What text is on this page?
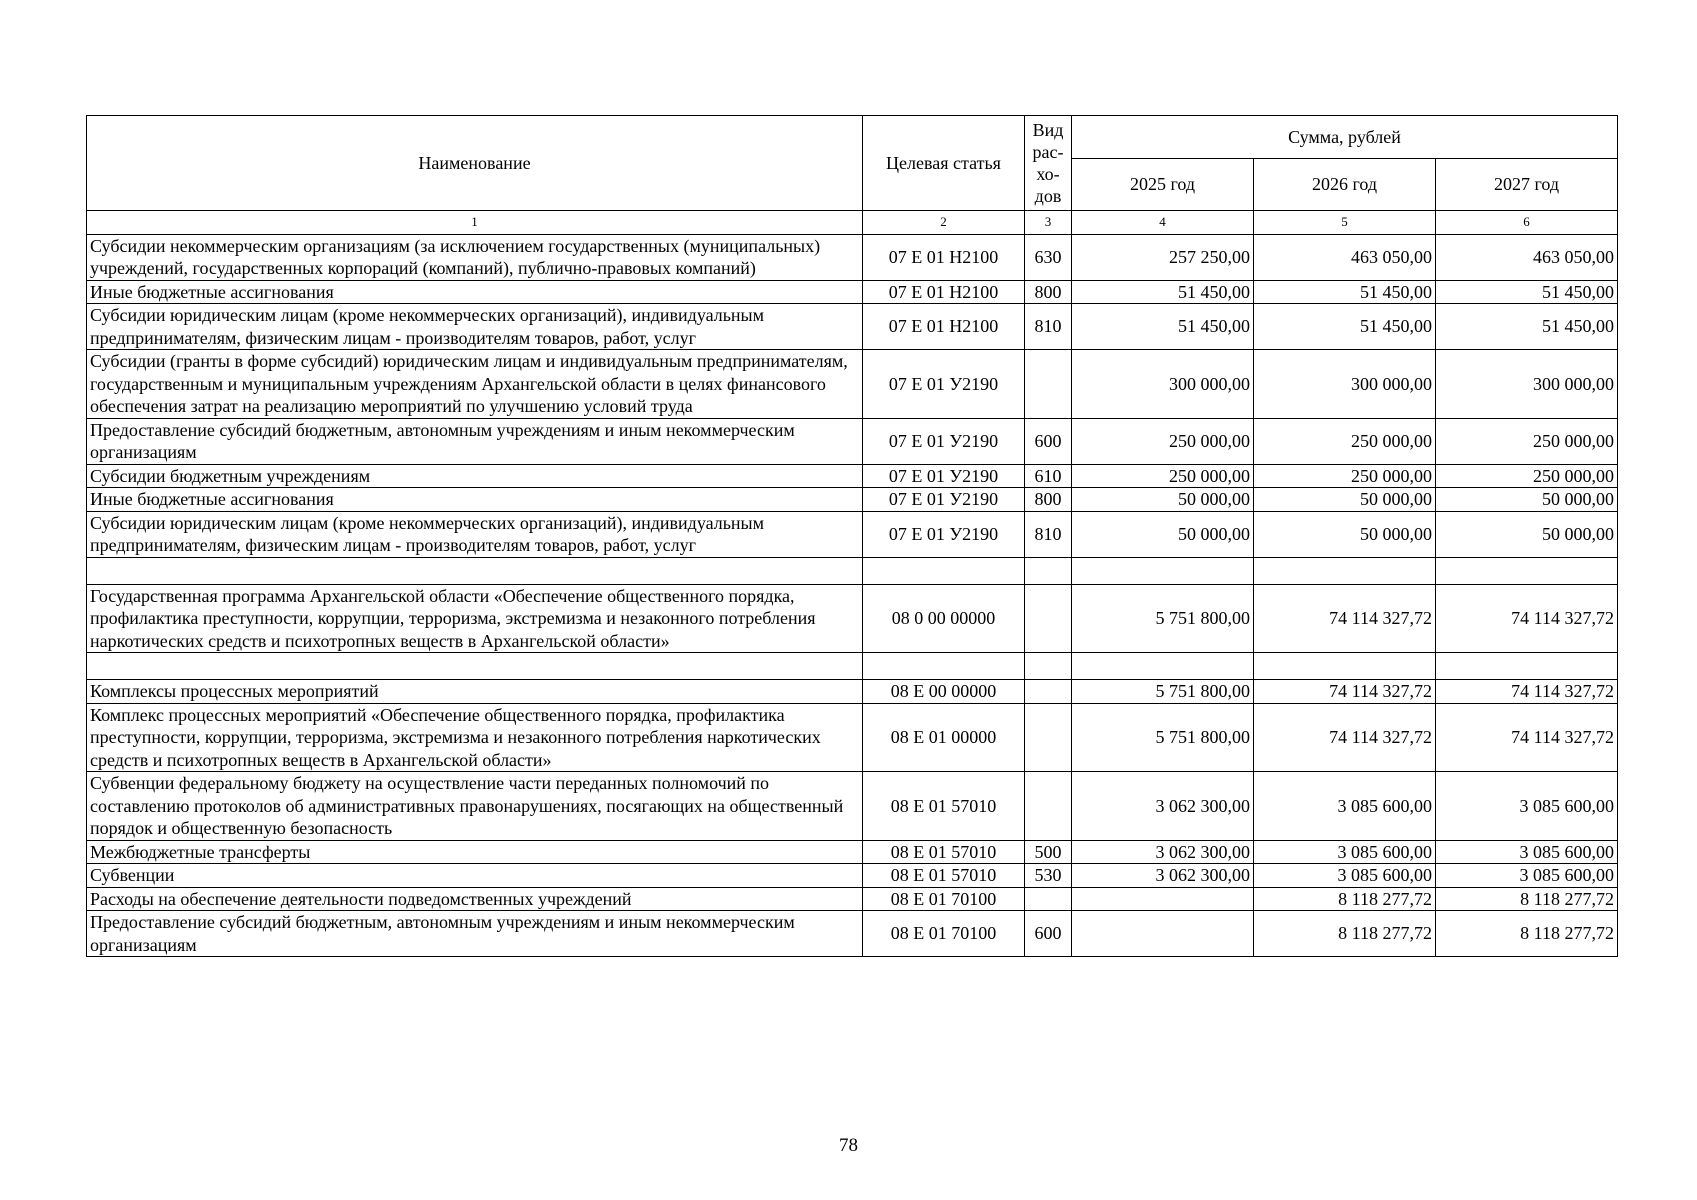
Наименование	Целевая статья	Вид
рас-
хо-
дов	Сумма, рублей		
			2025 год	2026 год	2027 год
1	2	3	4	5	6
Субсидии некоммерческим организациям (за исключением государственных (муниципальных) учреждений, государственных корпораций (компаний), публично-правовых компаний)	07 Е 01 Н2100	630	257 250,00	463 050,00	463 050,00
Иные бюджетные ассигнования	07 Е 01 Н2100	800	51 450,00	51 450,00	51 450,00
Субсидии юридическим лицам (кроме некоммерческих организаций), индивидуальным предпринимателям, физическим лицам - производителям товаров, работ, услуг	07 Е 01 Н2100	810	51 450,00	51 450,00	51 450,00
Субсидии (гранты в форме субсидий) юридическим лицам и индивидуальным предпринимателям, государственным и муниципальным учреждениям Архангельской области в целях финансового обеспечения затрат на реализацию мероприятий по улучшению условий труда	07 Е 01 У2190		300 000,00	300 000,00	300 000,00
Предоставление субсидий бюджетным, автономным учреждениям и иным некоммерческим организациям	07 Е 01 У2190	600	250 000,00	250 000,00	250 000,00
Субсидии бюджетным учреждениям	07 Е 01 У2190	610	250 000,00	250 000,00	250 000,00
Иные бюджетные ассигнования	07 Е 01 У2190	800	50 000,00	50 000,00	50 000,00
Субсидии юридическим лицам (кроме некоммерческих организаций), индивидуальным предпринимателям, физическим лицам - производителям товаров, работ, услуг	07 Е 01 У2190	810	50 000,00	50 000,00	50 000,00

Государственная программа Архангельской области «Обеспечение общественного порядка, профилактика преступности, коррупции, терроризма, экстремизма и незаконного потребления наркотических средств и психотропных веществ в Архангельской области»	08 0 00 00000		5 751 800,00	74 114 327,72	74 114 327,72

Комплексы процессных мероприятий	08 Е 00 00000		5 751 800,00	74 114 327,72	74 114 327,72
Комплекс процессных мероприятий «Обеспечение общественного порядка, профилактика преступности, коррупции, терроризма, экстремизма и незаконного потребления наркотических средств и психотропных веществ в Архангельской области»	08 Е 01 00000		5 751 800,00	74 114 327,72	74 114 327,72
Субвенции федеральному бюджету на осуществление части переданных полномочий по составлению протоколов об административных правонарушениях, посягающих на общественный порядок и общественную безопасность	08 Е 01 57010		3 062 300,00	3 085 600,00	3 085 600,00
Межбюджетные трансферты	08 Е 01 57010	500	3 062 300,00	3 085 600,00	3 085 600,00
Субвенции	08 Е 01 57010	530	3 062 300,00	3 085 600,00	3 085 600,00
Расходы на обеспечение деятельности подведомственных учреждений	08 Е 01 70100			8 118 277,72	8 118 277,72
Предоставление субсидий бюджетным, автономным учреждениям и иным некоммерческим организациям	08 Е 01 70100	600		8 118 277,72	8 118 277,72
78
